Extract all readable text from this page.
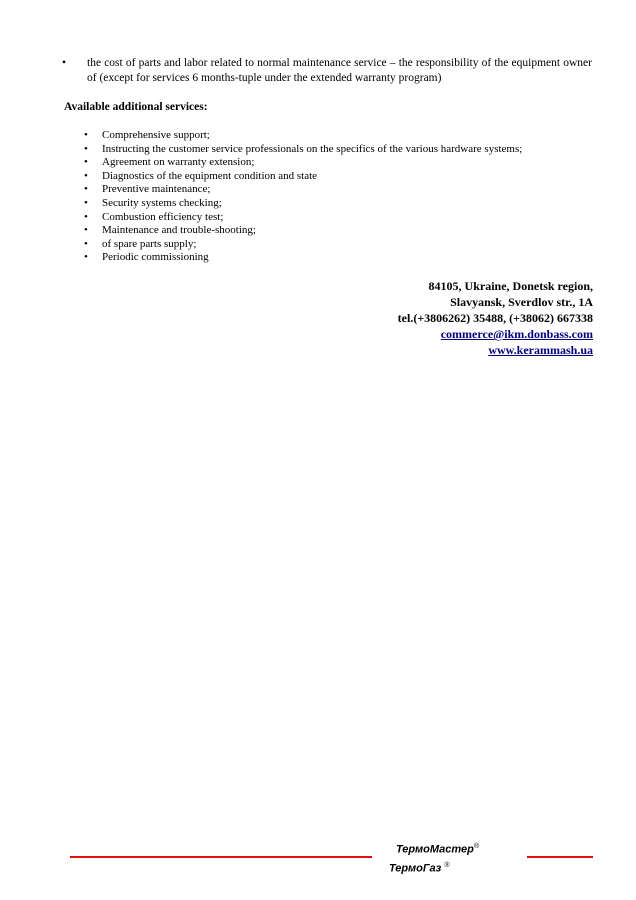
• the cost of parts and labor related to normal maintenance service – the responsibility of the equipment owner of (except for services 6 months-tuple under the extended warranty program)
Available additional services:
• Comprehensive support;
• Instructing the customer service professionals on the specifics of the various hardware systems;
• Agreement on warranty extension;
• Diagnostics of the equipment condition and state
• Preventive maintenance;
• Security systems checking;
• Combustion efficiency test;
• Maintenance and trouble-shooting;
• of spare parts supply;
• Periodic commissioning
84105, Ukraine, Donetsk region,
Slavyansk, Sverdlov str., 1A
tel.(+3806262) 35488, (+38062) 667338
commerce@ikm.donbass.com
www.kerammash.ua
ТермоМастер®
ТермоГаз ®
